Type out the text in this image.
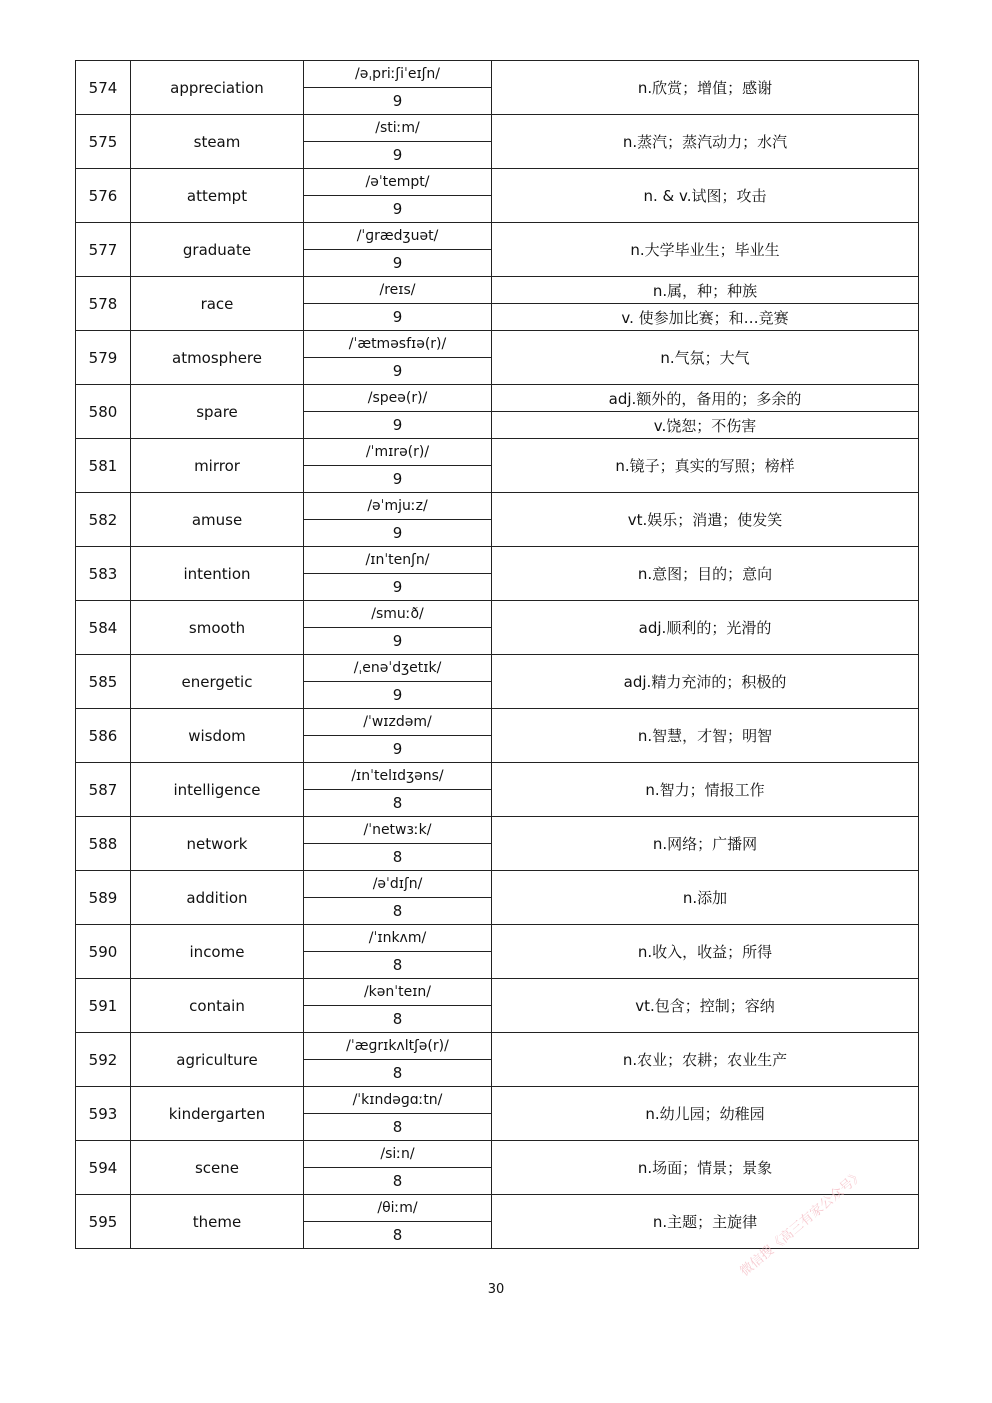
574	appreciation	/əˌpriːʃiˈeɪʃn/	n.欣赏；增值；感谢
		9	
575	steam	/stiːm/	n.蒸汽；蒸汽动力；水汽
		9	
576	attempt	/əˈtempt/	n. & v.试图；攻击
		9	
577	graduate	/ˈɡrædʒuət/	n.大学毕业生；毕业生
		9	
578	race	/reɪs/	n.属，种；种族
		9	v. 使参加比赛；和…竞赛
579	atmosphere	/ˈætməsfɪə(r)/	n.气氛；大气
		9	
580	spare	/speə(r)/	adj.额外的，备用的；多余的
		9	v.饶恕；不伤害
581	mirror	/ˈmɪrə(r)/	n.镜子；真实的写照；榜样
		9	
582	amuse	/əˈmjuːz/	vt.娱乐；消遣；使发笑
		9	
583	intention	/ɪnˈtenʃn/	n.意图；目的；意向
		9	
584	smooth	/smuːð/	adj.顺利的；光滑的
		9	
585	energetic	/ˌenəˈdʒetɪk/	adj.精力充沛的；积极的
		9	
586	wisdom	/ˈwɪzdəm/	n.智慧，才智；明智
		9	
587	intelligence	/ɪnˈtelɪdʒəns/	n.智力；情报工作
		8	
588	network	/ˈnetwɜːk/	n.网络；广播网
		8	
589	addition	/əˈdɪʃn/	n.添加
		8	
590	income	/ˈɪnkʌm/	n.收入，收益；所得
		8	
591	contain	/kənˈteɪn/	vt.包含；控制；容纳
		8	
592	agriculture	/ˈæɡrɪkʌltʃə(r)/	n.农业；农耕；农业生产
		8	
593	kindergarten	/ˈkɪndəɡɑːtn/	n.幼儿园；幼稚园
		8	
594	scene	/siːn/	n.场面；情景；景象
		8	
595	theme	/θiːm/	n.主题；主旋律
		8	
30
微信搜《高三有家公众号》
